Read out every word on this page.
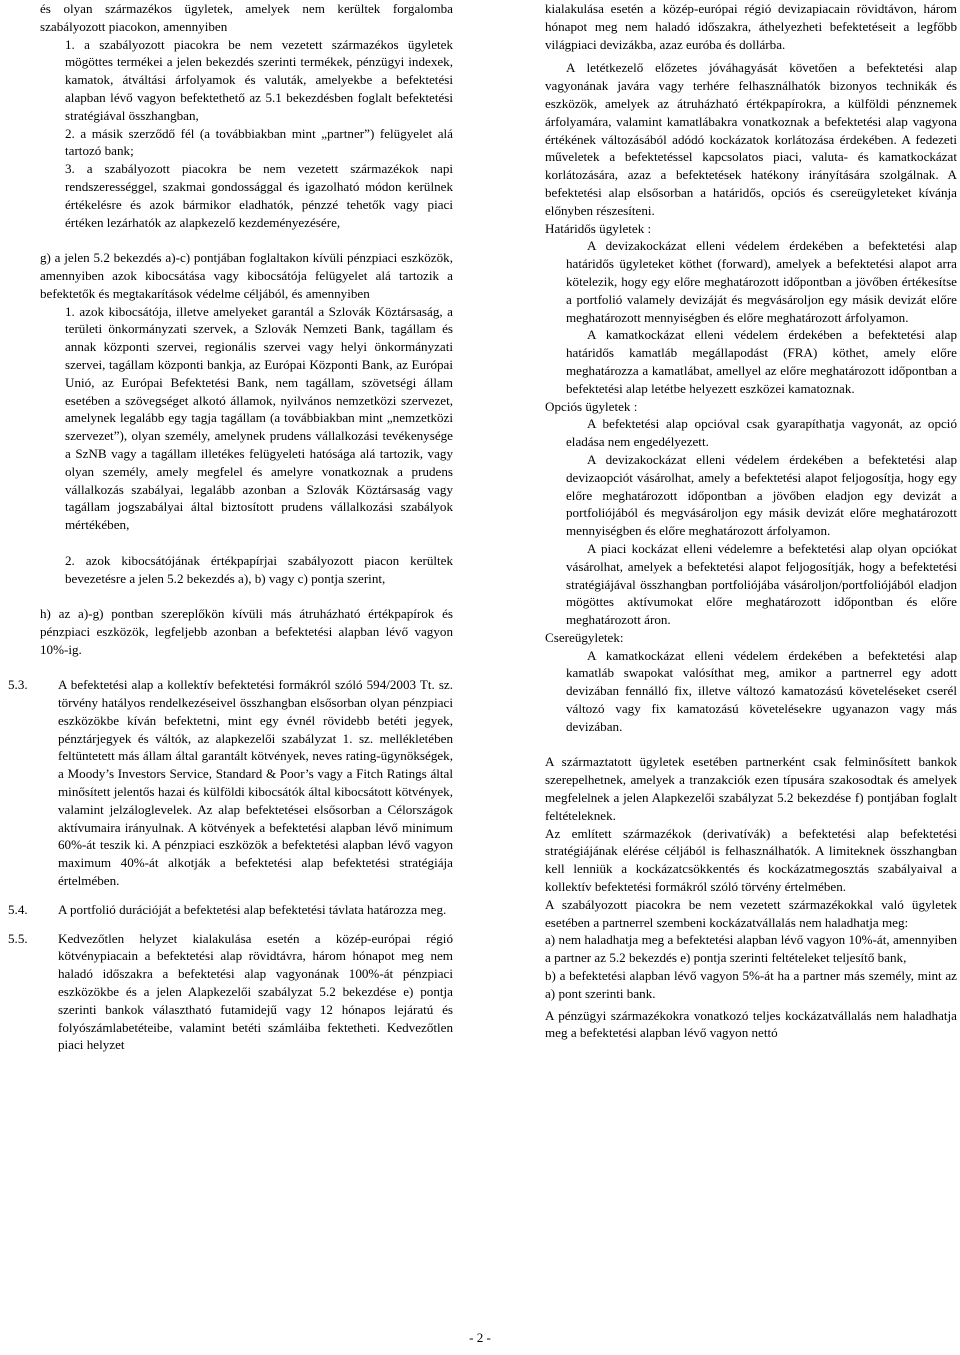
és olyan származékos ügyletek, amelyek nem kerültek forgalomba szabályozott piacokon, amennyiben

1. a szabályozott piacokra be nem vezetett származékos ügyletek mögöttes termékei a jelen bekezdés szerinti termékek, pénzügyi indexek, kamatok, átváltási árfolyamok és valuták, amelyekbe a befektetési alapban lévő vagyon befektethető az 5.1 bekezdésben foglalt befektetési stratégiával összhangban,

2. a másik szerződő fél (a továbbiakban mint „partner”) felügyelet alá tartozó bank;

3. a szabályozott piacokra be nem vezetett származékok napi rendszerességgel, szakmai gondossággal és igazolható módon kerülnek értékelésre és azok bármikor eladhatók, pénzzé tehetők vagy piaci értéken lezárhatók az alapkezelő kezdeményezésére,

g) a jelen 5.2 bekezdés a)-c) pontjában foglaltakon kívüli pénzpiaci eszközök, amennyiben azok kibocsátása vagy kibocsátója felügyelet alá tartozik a befektetők és megtakarítások védelme céljából, és amennyiben

1. azok kibocsátója, illetve amelyeket garantál a Szlovák Köztársaság, a területi önkormányzati szervek, a Szlovák Nemzeti Bank, tagállam és annak központi szervei, regionális szervei vagy helyi önkormányzati szervei, tagállam központi bankja, az Európai Központi Bank, az Európai Unió, az Európai Befektetési Bank, nem tagállam, szövetségi állam esetében a szövegséget alkotó államok, nyilvános nemzetközi szervezet, amelynek legalább egy tagja tagállam (a továbbiakban mint „nemzetközi szervezet”), olyan személy, amelynek prudens vállalkozási tevékenysége a SzNB vagy a tagállam illetékes felügyeleti hatósága alá tartozik, vagy olyan személy, amely megfelel és amelyre vonatkoznak a prudens vállalkozás szabályai, legalább azonban a Szlovák Köztársaság vagy tagállam jogszabályai által biztosított prudens vállalkozási szabályok mértékében,

2. azok kibocsátójának értékpapírjai szabályozott piacon kerültek bevezetésre a jelen 5.2 bekezdés a), b) vagy c) pontja szerint,

h) az a)-g) pontban szereplőkön kívüli más átruházható értékpapírok és pénzpiaci eszközök, legfeljebb azonban a befektetési alapban lévő vagyon 10%-ig.

5.3. A befektetési alap a kollektív befektetési formákról szóló 594/2003 Tt. sz. törvény hatályos rendelkezéseivel összhangban elsősorban olyan pénzpiaci eszközökbe kíván befektetni, mint egy évnél rövidebb betéti jegyek, pénztárjegyek és váltók, az alapkezelői szabályzat 1. sz. mellékletében feltüntetett más állam által garantált kötvények, neves rating-ügynökségek, a Moody’s Investors Service, Standard & Poor’s vagy a Fitch Ratings által minősített jelentős hazai és külföldi kibocsátók által kibocsátott kötvények, valamint jelzáloglevelek. Az alap befektetései elsősorban a Célországok aktívumaira irányulnak. A kötvények a befektetési alapban lévő minimum 60%-át teszik ki. A pénzpiaci eszközök a befektetési alapban lévő vagyon maximum 40%-át alkotják a befektetési alap befektetési stratégiája értelmében.

5.4. A portfolió durációját a befektetési alap befektetési távlata határozza meg.

5.5. Kedvezőtlen helyzet kialakulása esetén a közép-európai régió kötvénypiacain a befektetési alap rövidtávra, három hónapot meg nem haladó időszakra a befektetési alap vagyonának 100%-át pénzpiaci eszközökbe és a jelen Alapkezelői szabályzat 5.2 bekezdése e) pontja szerinti bankok választható futamidejű vagy 12 hónapos lejáratú és folyószámlabetéteibe, valamint betéti számláiba fektetheti. Kedvezőtlen piaci helyzet

kialakulása esetén a közép-európai régió devizapiacain rövidtávon, három hónapot meg nem haladó időszakra, áthelyezheti befektetéseit a legfőbb világpiaci devizákba, azaz euróba és dollárba.

A letétkezelő előzetes jóváhagyását követően a befektetési alap vagyonának javára vagy terhére felhasználhatók bizonyos technikák és eszközök, amelyek az átruházható értékpapírokra, a külföldi pénznemek árfolyamára, valamint kamatlábakra vonatkoznak a befektetési alap vagyona értékének változásából adódó kockázatok korlátozása érdekében. A fedezeti műveletek a befektetéssel kapcsolatos piaci, valuta- és kamatkockázat korlátozására, azaz a befektetések hatékony irányítására szolgálnak. A befektetési alap elsősorban a határidős, opciós és csereügyleteket kívánja előnyben részesíteni.

Határidős ügyletek :

A devizakockázat elleni védelem érdekében a befektetési alap határidős ügyleteket köthet (forward), amelyek a befektetési alapot arra kötelezik, hogy egy előre meghatározott időpontban a jövőben értékesítse a portfolió valamely devizáját és megvásároljon egy másik devizát előre meghatározott mennyiségben és előre meghatározott árfolyamon.

A kamatkockázat elleni védelem érdekében a befektetési alap határidős kamatláb megállapodást (FRA) köthet, amely előre meghatározza a kamatlábat, amellyel az előre meghatározott időpontban a befektetési alap letétbe helyezett eszközei kamatoznak.

Opciós ügyletek :

A befektetési alap opcióval csak gyarapíthatja vagyonát, az opció eladása nem engedélyezett.

A devizakockázat elleni védelem érdekében a befektetési alap devizaopciót vásárolhat, amely a befektetési alapot feljogosítja, hogy egy előre meghatározott időpontban a jövőben eladjon egy devizát a portfoliójából és megvásároljon egy másik devizát előre meghatározott mennyiségben és előre meghatározott árfolyamon.

A piaci kockázat elleni védelemre a befektetési alap olyan opciókat vásárolhat, amelyek a befektetési alapot feljogosítják, hogy a befektetési stratégiájával összhangban portfoliójába vásároljon/portfoliójából eladjon mögöttes aktívumokat előre meghatározott időpontban és előre meghatározott áron.

Csereügyletek:

A kamatkockázat elleni védelem érdekében a befektetési alap kamatláb swapokat valósíthat meg, amikor a partnerrel egy adott devizában fennálló fix, illetve változó kamatozású követeléseket cserél változó vagy fix kamatozású követelésekre ugyanazon vagy más devizában.

A származtatott ügyletek esetében partnerként csak felminősített bankok szerepelhetnek, amelyek a tranzakciók ezen típusára szakosodtak és amelyek megfelelnek a jelen Alapkezelői szabályzat 5.2 bekezdése f) pontjában foglalt feltételeknek.

Az említett származékok (derivatívák) a befektetési alap befektetési stratégiájának elérése céljából is felhasználhatók. A limiteknek összhangban kell lenniük a kockázatcsökkentés és kockázatmegosztás szabályaival a kollektív befektetési formákról szóló törvény értelmében.

A szabályozott piacokra be nem vezetett származékokkal való ügyletek esetében a partnerrel szembeni kockázatvállalás nem haladhatja meg:

a) nem haladhatja meg a befektetési alapban lévő vagyon 10%-át, amennyiben a partner az 5.2 bekezdés e) pontja szerinti feltételeket teljesítő bank,

b) a befektetési alapban lévő vagyon 5%-át ha a partner más személy, mint az a) pont szerinti bank.

A pénzügyi származékokra vonatkozó teljes kockázatvállalás nem haladhatja meg a befektetési alapban lévő vagyon nettó

- 2 -
